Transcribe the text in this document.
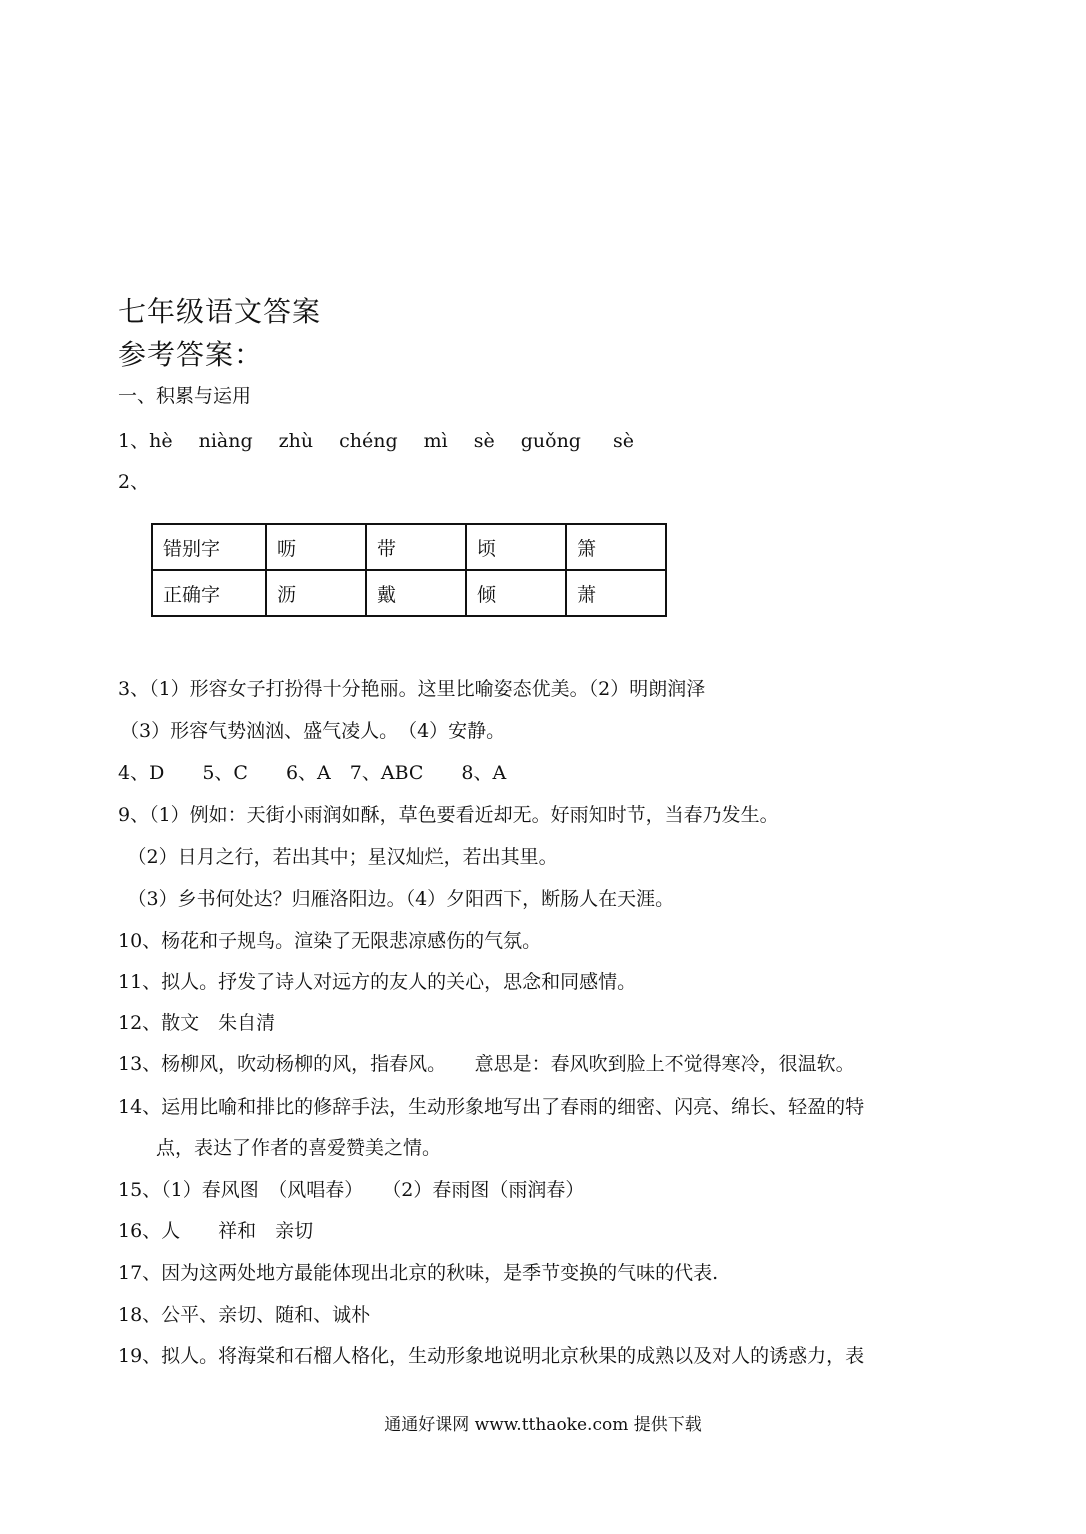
七年级语文答案
参考答案：
一、积累与运用
1、hè niàng zhù chéng mì sè guǒng sè
2、
错别字	呖	带	顷	箫
正确字	沥	戴	倾	萧
3、（1）形容女子打扮得十分艳丽。这里比喻姿态优美。（2）明朗润泽
（3）形容气势汹汹、盛气凌人。　（4）安静。
4、D　　5、C　　6、A　7、ABC　　8、A
9、（1）例如：天街小雨润如酥，草色要看近却无。好雨知时节，当春乃发生。
　（2）日月之行，若出其中；星汉灿烂，若出其里。
　（3）乡书何处达？归雁洛阳边。（4）夕阳西下，断肠人在天涯。
10、杨花和子规鸟。渲染了无限悲凉感伤的气氛。
11、拟人。抒发了诗人对远方的友人的关心，思念和同感情。
12、散文　朱自清
13、杨柳风，吹动杨柳的风，指春风。　　意思是：春风吹到脸上不觉得寒冷，很温软。
14、运用比喻和排比的修辞手法，生动形象地写出了春雨的细密、闪亮、绵长、轻盈的特
　　点，表达了作者的喜爱赞美之情。
15、（1）春风图　（风唱春）　　（2）春雨图（雨润春）
16、人　　祥和　亲切
17、因为这两处地方最能体现出北京的秋味，是季节变换的气味的代表.
18、公平、亲切、随和、诚朴
19、拟人。将海棠和石榴人格化，生动形象地说明北京秋果的成熟以及对人的诱惑力，表
通通好课网 www.tthaoke.com 提供下载
